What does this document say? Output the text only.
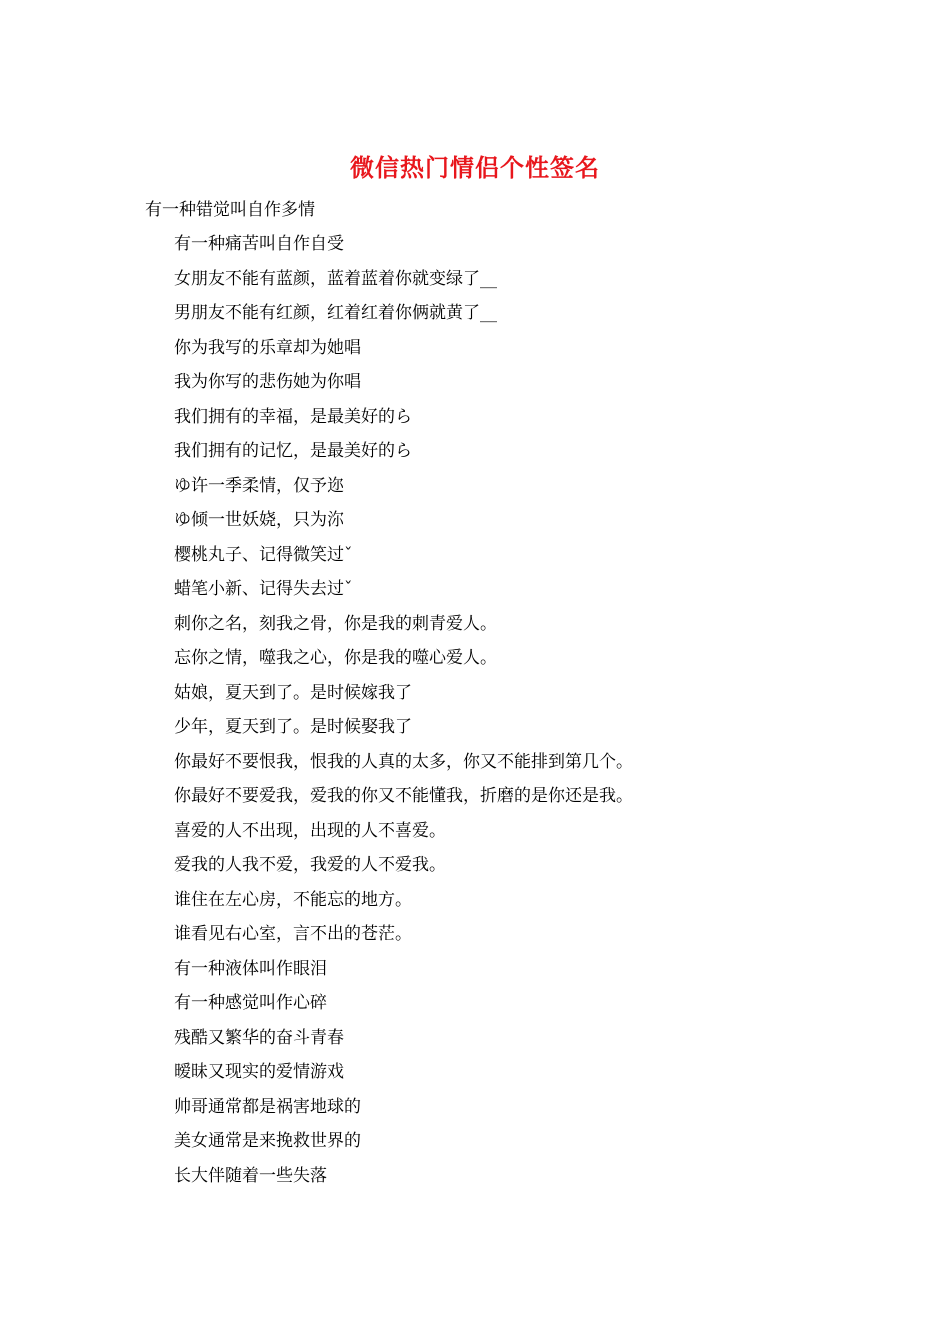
微信热门情侣个性签名

有一种错觉叫自作多情

有一种痛苦叫自作自受
女朋友不能有蓝颜，蓝着蓝着你就变绿了__
男朋友不能有红颜，红着红着你俩就黄了__
你为我写的乐章却为她唱
我为你写的悲伤她为你唱
我们拥有的幸福，是最美好的ら
我们拥有的记忆，是最美好的ら
ゆ许一季柔情，仅予迩
ゆ倾一世妖娆，只为沵
樱桃丸子、记得微笑过ˇ
蜡笔小新、记得失去过ˇ
刺你之名，刻我之骨，你是我的刺青爱人。
忘你之情，噬我之心，你是我的噬心爱人。
姑娘，夏天到了。是时候嫁我了
少年，夏天到了。是时候娶我了
你最好不要恨我，恨我的人真的太多，你又不能排到第几个。
你最好不要爱我，爱我的你又不能懂我，折磨的是你还是我。
喜爱的人不出现，出现的人不喜爱。
爱我的人我不爱，我爱的人不爱我。
谁住在左心房，不能忘的地方。
谁看见右心室，言不出的苍茫。
有一种液体叫作眼泪
有一种感觉叫作心碎
残酷又繁华的奋斗青春
暧昧又现实的爱情游戏
帅哥通常都是祸害地球的
美女通常是来挽救世界的
长大伴随着一些失落
